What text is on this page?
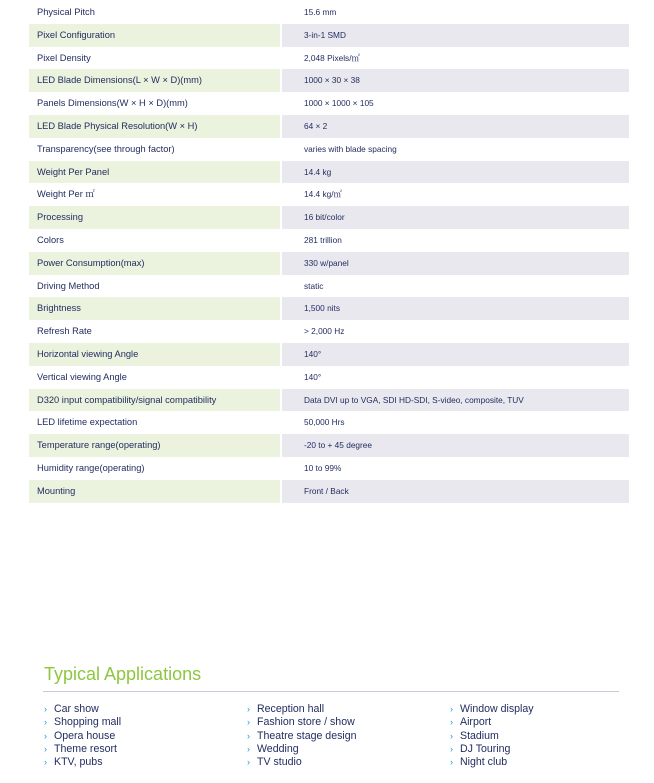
Physical Pitch	15.6 mm
Pixel Configuration	3-in-1 SMD
Pixel Density	2,048 Pixels/㎡
LED Blade Dimensions(L × W × D)(mm)	1000 × 30 × 38
Panels Dimensions(W × H × D)(mm)	1000 × 1000 × 105
LED Blade Physical Resolution(W × H)	64 × 2
Transparency(see through factor)	varies with blade spacing
Weight Per Panel	14.4 kg
Weight Per ㎡	14.4 kg/㎡
Processing	16 bit/color
Colors	281 trillion
Power Consumption(max)	330 w/panel
Driving Method	static
Brightness	1,500 nits
Refresh Rate	> 2,000 Hz
Horizontal viewing Angle	140°
Vertical viewing Angle	140°
D320 input compatibility/signal compatibility	Data DVI up to VGA, SDI HD-SDI, S-video, composite, TUV
LED lifetime expectation	50,000 Hrs
Temperature range(operating)	-20 to + 45 degree
Humidity range(operating)	10 to 99%
Mounting	Front / Back
Typical Applications
› Car show
› Shopping mall
› Opera house
› Theme resort
› KTV, pubs
› Reception hall
› Fashion store / show
› Theatre stage design
› Wedding
› TV studio
› Window display
› Airport
› Stadium
› DJ Touring
› Night club
